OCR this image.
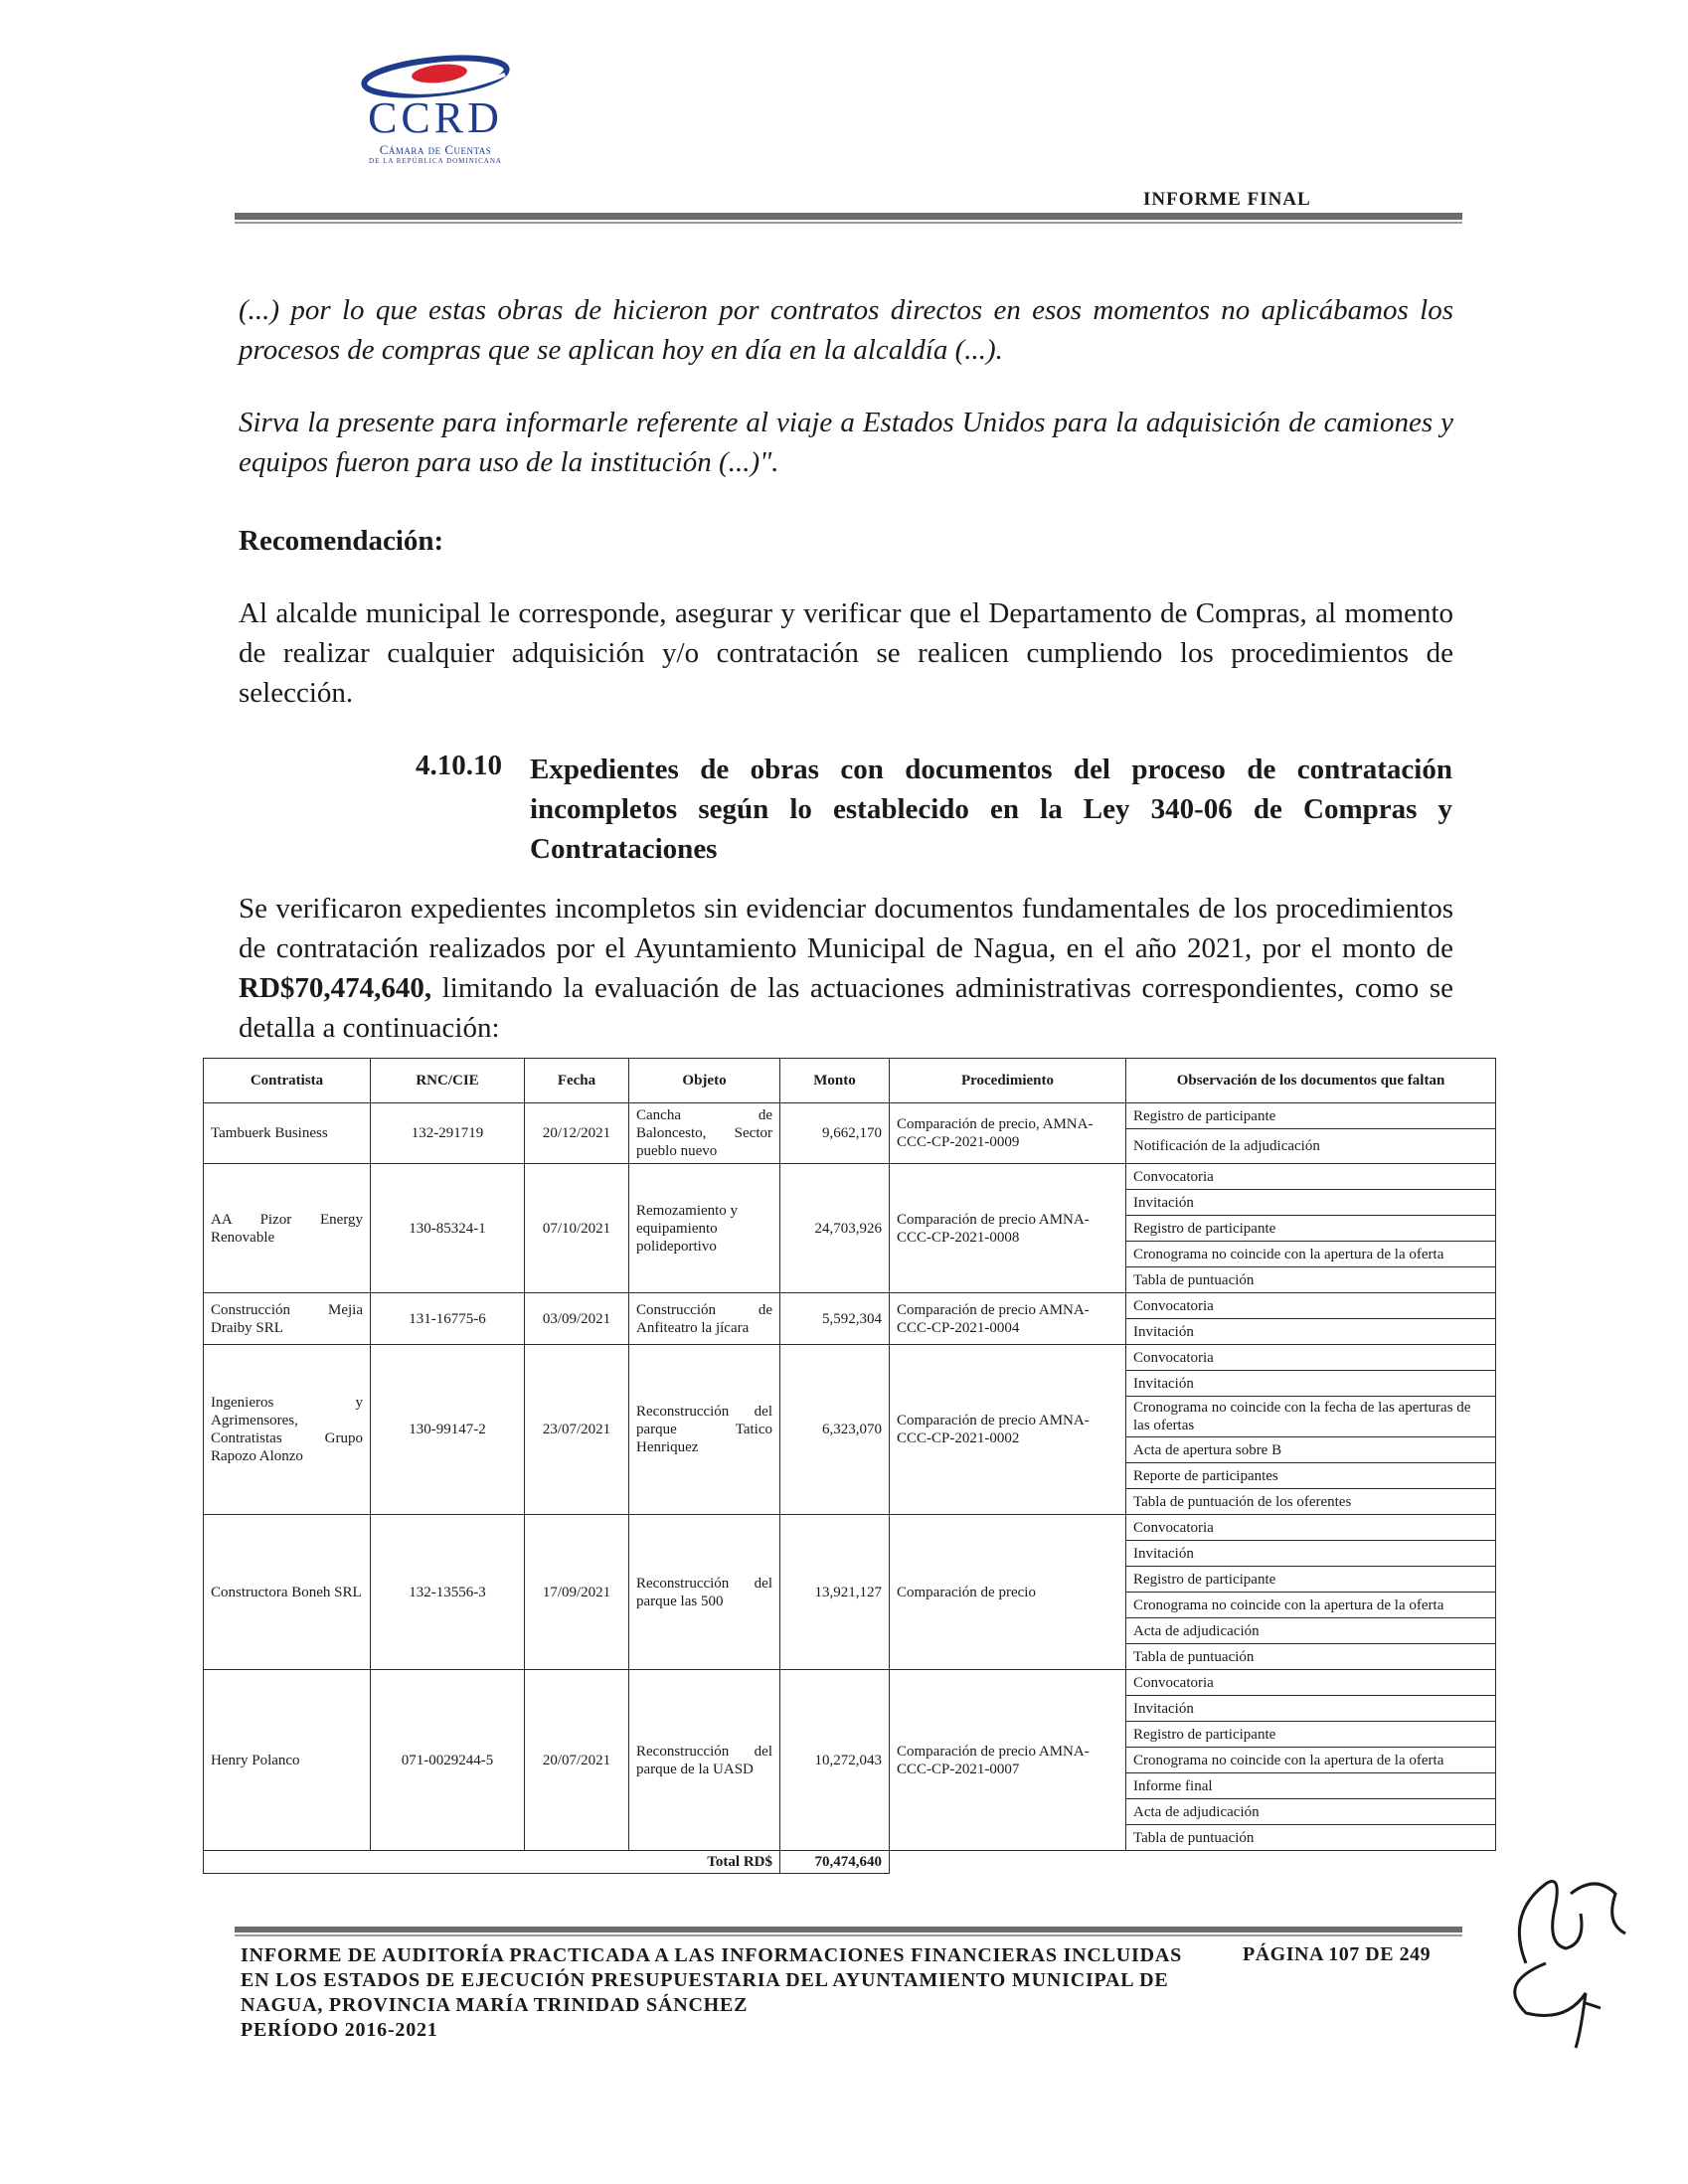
CCRD
Cámara de Cuentas
DE LA REPÚBLICA DOMINICANA
INFORME FINAL

(...) por lo que estas obras de hicieron por contratos directos en esos momentos no aplicábamos los procesos de compras que se aplican hoy en día en la alcaldía (...).

Sirva la presente para informarle referente al viaje a Estados Unidos para la adquisición de camiones y equipos fueron para uso de la institución (...)".

Recomendación:

Al alcalde municipal le corresponde, asegurar y verificar que el Departamento de Compras, al momento de realizar cualquier adquisición y/o contratación se realicen cumpliendo los procedimientos de selección.

4.10.10 Expedientes de obras con documentos del proceso de contratación incompletos según lo establecido en la Ley 340-06 de Compras y Contrataciones

Se verificaron expedientes incompletos sin evidenciar documentos fundamentales de los procedimientos de contratación realizados por el Ayuntamiento Municipal de Nagua, en el año 2021, por el monto de RD$70,474,640, limitando la evaluación de las actuaciones administrativas correspondientes, como se detalla a continuación:

Contratista	RNC/CIE	Fecha	Objeto	Monto	Procedimiento	Observación de los documentos que faltan
Tambuerk Business	132-291719	20/12/2021	Cancha de Baloncesto, Sector pueblo nuevo	9,662,170	Comparación de precio, AMNA-CCC-CP-2021-0009	Registro de participante
						Notificación de la adjudicación
AA Pizor Energy Renovable	130-85324-1	07/10/2021	Remozamiento y equipamiento polideportivo	24,703,926	Comparación de precio AMNA-CCC-CP-2021-0008	Convocatoria
						Invitación
						Registro de participante
						Cronograma no coincide con la apertura de la oferta
						Tabla de puntuación
Construcción Mejia Draiby SRL	131-16775-6	03/09/2021	Construcción de Anfiteatro la jícara	5,592,304	Comparación de precio AMNA-CCC-CP-2021-0004	Convocatoria
						Invitación
Ingenieros y Agrimensores, Contratistas Grupo Rapozo Alonzo	130-99147-2	23/07/2021	Reconstrucción del parque Tatico Henriquez	6,323,070	Comparación de precio AMNA-CCC-CP-2021-0002	Convocatoria
						Invitación
						Cronograma no coincide con la fecha de las aperturas de las ofertas
						Acta de apertura sobre B
						Reporte de participantes
						Tabla de puntuación de los oferentes
Constructora Boneh SRL	132-13556-3	17/09/2021	Reconstrucción del parque las 500	13,921,127	Comparación de precio	Convocatoria
						Invitación
						Registro de participante
						Cronograma no coincide con la apertura de la oferta
						Acta de adjudicación
						Tabla de puntuación
Henry Polanco	071-0029244-5	20/07/2021	Reconstrucción del parque de la UASD	10,272,043	Comparación de precio AMNA-CCC-CP-2021-0007	Convocatoria
						Invitación
						Registro de participante
						Cronograma no coincide con la apertura de la oferta
						Informe final
						Acta de adjudicación
						Tabla de puntuación
Total RD$				70,474,640		

INFORME DE AUDITORÍA PRACTICADA A LAS INFORMACIONES FINANCIERAS INCLUIDAS EN LOS ESTADOS DE EJECUCIÓN PRESUPUESTARIA DEL AYUNTAMIENTO MUNICIPAL DE NAGUA, PROVINCIA MARÍA TRINIDAD SÁNCHEZ
PERÍODO 2016-2021

PÁGINA 107 DE 249
